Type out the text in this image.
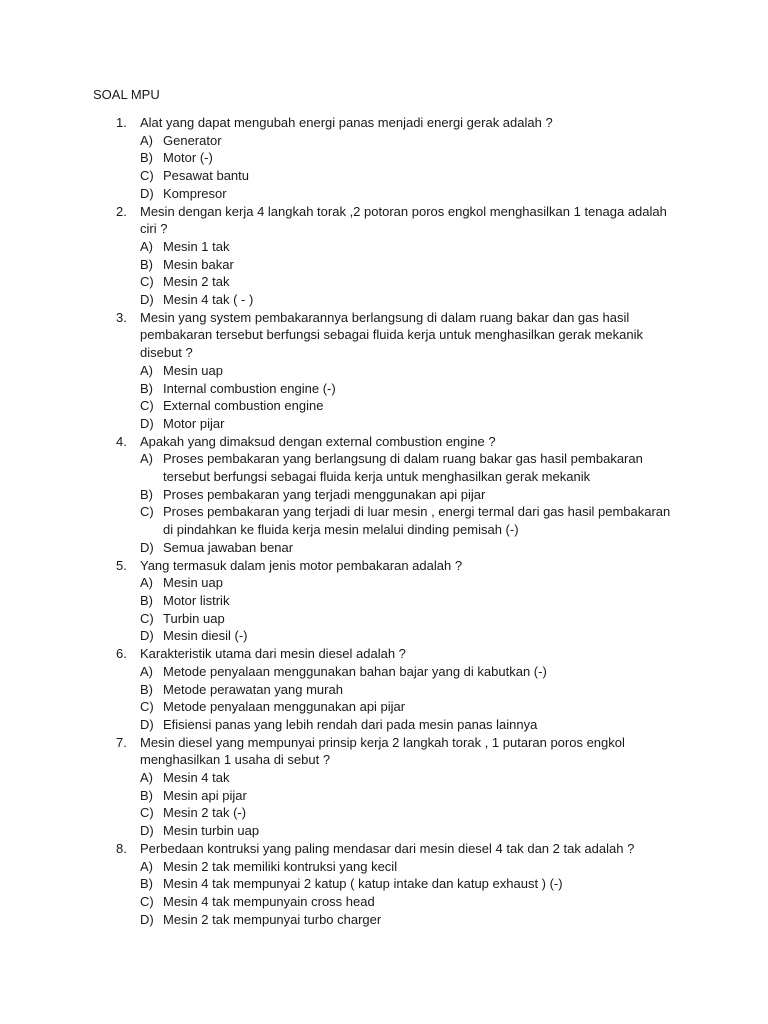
SOAL MPU
1.	Alat yang dapat mengubah energi panas menjadi energi gerak adalah ?
A) Generator
B) Motor (-)
C) Pesawat bantu
D) Kompresor
2.	Mesin dengan kerja 4 langkah torak ,2 potoran poros engkol menghasilkan 1 tenaga adalah ciri ?
A) Mesin 1 tak
B) Mesin bakar
C) Mesin 2 tak
D) Mesin 4 tak ( - )
3.	Mesin yang system pembakarannya berlangsung di dalam ruang bakar dan gas hasil pembakaran tersebut berfungsi sebagai fluida kerja untuk menghasilkan gerak mekanik disebut ?
A) Mesin uap
B) Internal combustion engine (-)
C) External combustion engine
D) Motor pijar
4.	Apakah yang dimaksud dengan external combustion engine ?
A) Proses pembakaran yang berlangsung di dalam ruang bakar gas hasil pembakaran tersebut berfungsi sebagai fluida kerja untuk menghasilkan gerak mekanik
B) Proses pembakaran yang terjadi menggunakan api pijar
C) Proses pembakaran yang terjadi di luar mesin , energi termal dari gas hasil pembakaran di pindahkan ke fluida kerja mesin melalui dinding pemisah (-)
D) Semua jawaban benar
5.	Yang termasuk dalam jenis motor pembakaran adalah ?
A) Mesin uap
B) Motor listrik
C) Turbin uap
D) Mesin diesil (-)
6.	Karakteristik utama dari mesin diesel adalah ?
A) Metode penyalaan menggunakan bahan bajar yang di kabutkan (-)
B) Metode perawatan yang murah
C) Metode penyalaan menggunakan api pijar
D) Efisiensi panas yang lebih rendah dari pada mesin panas lainnya
7.	Mesin diesel yang mempunyai prinsip kerja 2 langkah torak , 1 putaran poros engkol menghasilkan 1 usaha di sebut ?
A) Mesin 4 tak
B) Mesin api pijar
C) Mesin 2 tak (-)
D) Mesin turbin uap
8.	Perbedaan kontruksi yang paling mendasar dari mesin diesel 4 tak dan 2 tak adalah ?
A) Mesin 2 tak memiliki kontruksi yang kecil
B) Mesin 4 tak mempunyai 2 katup ( katup intake dan katup exhaust ) (-)
C) Mesin 4 tak mempunyain cross head
D) Mesin 2 tak mempunyai turbo charger
